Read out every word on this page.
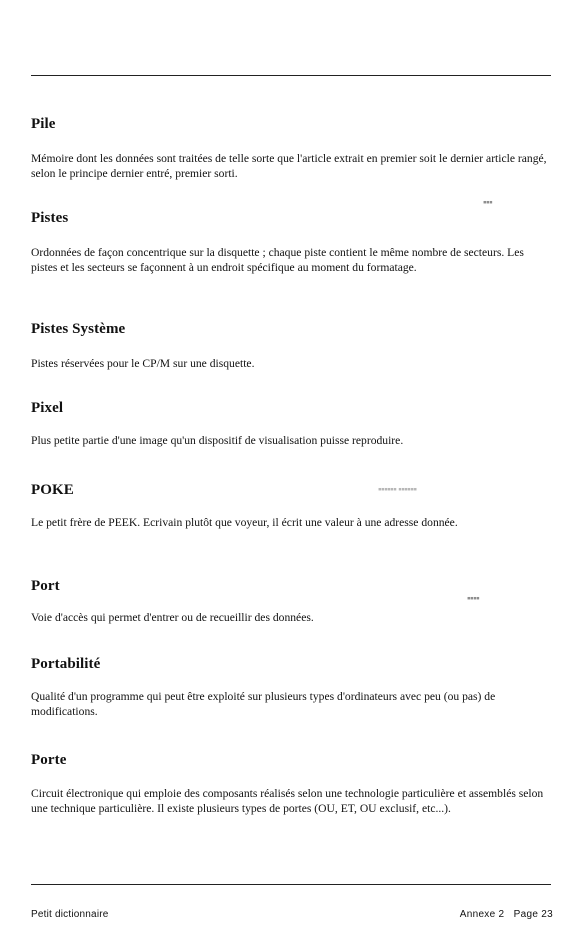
Pile

Mémoire dont les données sont traitées de telle sorte que l'article extrait en premier soit le dernier article rangé, selon le principe dernier entré, premier sorti.

Pistes

Ordonnées de façon concentrique sur la disquette ; chaque piste contient le même nombre de secteurs. Les pistes et les secteurs se façonnent à un endroit spécifique au moment du formatage.

Pistes Système

Pistes réservées pour le CP/M sur une disquette.

Pixel

Plus petite partie d'une image qu'un dispositif de visualisation puisse reproduire.

POKE

Le petit frère de PEEK. Ecrivain plutôt que voyeur, il écrit une valeur à une adresse donnée.

Port

Voie d'accès qui permet d'entrer ou de recueillir des données.

Portabilité

Qualité d'un programme qui peut être exploité sur plusieurs types d'ordinateurs avec peu (ou pas) de modifications.

Porte

Circuit électronique qui emploie des composants réalisés selon une technologie particulière et assemblés selon une technique particulière. Il existe plusieurs types de portes (OU, ET, OU exclusif, etc...).

▪▪▪
▪▪▪▪▪▪ ▪▪▪▪▪▪
▪▪▪▪
Petit dictionnaire	Annexe 2   Page 23
